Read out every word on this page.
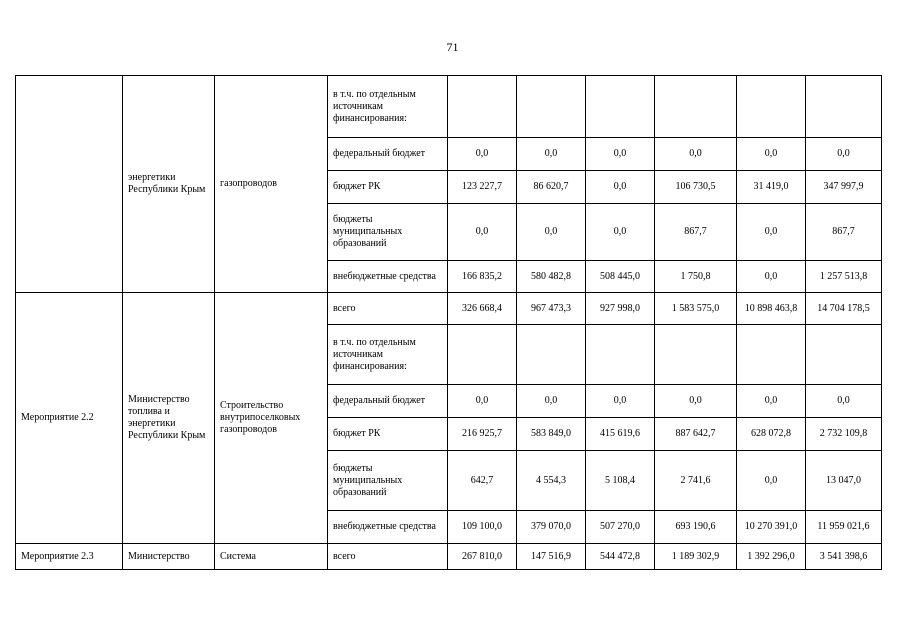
71
	энергетики Республики Крым	газопроводов	в т.ч. по отдельным источникам финансирования:						
			федеральный бюджет	0,0	0,0	0,0	0,0	0,0	0,0
			бюджет РК	123 227,7	86 620,7	0,0	106 730,5	31 419,0	347 997,9
			бюджеты муниципальных образований	0,0	0,0	0,0	867,7	0,0	867,7
			внебюджетные средства	166 835,2	580 482,8	508 445,0	1 750,8	0,0	1 257 513,8
Мероприятие 2.2	Министерство топлива и энергетики Республики Крым	Строительство внутрипоселковых газопроводов	всего	326 668,4	967 473,3	927 998,0	1 583 575,0	10 898 463,8	14 704 178,5
			в т.ч. по отдельным источникам финансирования:						
			федеральный бюджет	0,0	0,0	0,0	0,0	0,0	0,0
			бюджет РК	216 925,7	583 849,0	415 619,6	887 642,7	628 072,8	2 732 109,8
			бюджеты муниципальных образований	642,7	4 554,3	5 108,4	2 741,6	0,0	13 047,0
			внебюджетные средства	109 100,0	379 070,0	507 270,0	693 190,6	10 270 391,0	11 959 021,6
Мероприятие 2.3	Министерство	Система	всего	267 810,0	147 516,9	544 472,8	1 189 302,9	1 392 296,0	3 541 398,6
